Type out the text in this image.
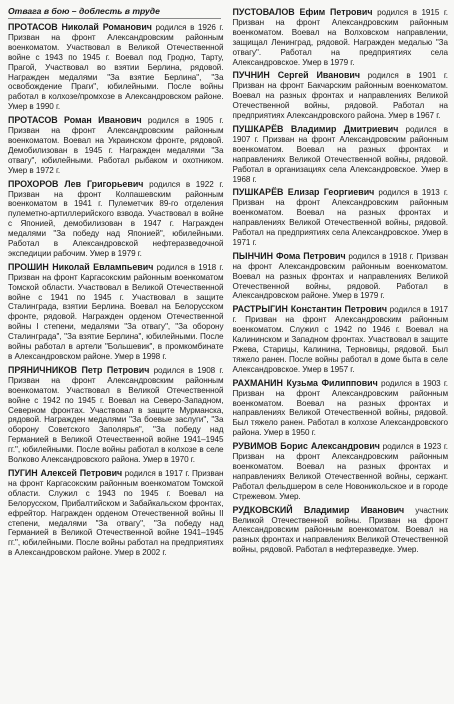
Отвага в бою – доблесть в труде

ПРОТАСОВ Николай Романович родился в 1926 г. Призван на фронт Александровским районным военкоматом. Участвовал в Великой Отечественной войне с 1943 по 1945 г. Воевал под Гродно, Тарту, Прагой, Участвовал во взятии Берлина, рядовой. Награжден медалями "За взятие Берлина", "За освобождение Праги", юбилейными. После войны работал в колхозе/промхозе в Александровском районе. Умер в 1990 г.

ПРОТАСОВ Роман Иванович родился в 1905 г. Призван на фронт Александровским районным военкоматом. Воевал на Украинском фронте, рядовой. Демобилизован в 1945 г. Награжден медалями "За отвагу", юбилейными. Работал рыбаком и охотником. Умер в 1972 г.

ПРОХОРОВ Лев Григорьевич родился в 1922 г. Призван на фронт Колпашевским районным военкоматом в 1941 г. Пулеметчик 89-го отделения пулеметно-артиллерийского взвода. Участвовал в войне с Японией, демобилизован в 1947 г. Награжден медалями "За победу над Японией", юбилейными. Работал в Александровской нефтеразведочной экспедиции рабочим. Умер в 1979 г.

ПРОШИН Николай Евлампьевич родился в 1918 г. Призван на фронт Каргасокским районным военкоматом Томской области. Участвовал в Великой Отечественной войне с 1941 по 1945 г. Участвовал в защите Сталинграда, взятии Берлина. Воевал на Белорусском фронте, рядовой. Награжден орденом Отечественной войны I степени, медалями "За отвагу", "За оборону Сталинграда", "За взятие Берлина", юбилейными. После войны работал в артели "Большевик", в промкомбинате в Александровском районе. Умер в 1998 г.

ПРЯНИЧНИКОВ Петр Петрович родился в 1908 г. Призван на фронт Александровским районным военкоматом. Участвовал в Великой Отечественной войне с 1942 по 1945 г. Воевал на Северо-Западном, Северном фронтах. Участвовал в защите Мурманска, рядовой. Награжден медалями "За боевые заслуги", "За оборону Советского Заполярья", "За победу над Германией в Великой Отечественной войне 1941–1945 гг.", юбилейными. После войны работал в колхозе в селе Волково Александровского района. Умер в 1970 г.

ПУГИН Алексей Петрович родился в 1917 г. Призван на фронт Каргасокским районным военкоматом Томской области. Служил с 1943 по 1945 г. Воевал на Белорусском, Прибалтийском и Забайкальском фронтах, ефрейтор. Награжден орденом Отечественной войны II степени, медалями "За отвагу", "За победу над Германией в Великой Отечественной войне 1941–1945 гг.", юбилейными. После войны работал на предприятиях в Александровском районе. Умер в 2002 г.

ПУСТОВАЛОВ Ефим Петрович родился в 1915 г. Призван на фронт Александровским районным военкоматом. Воевал на Волховском направлении, защищал Ленинград, рядовой. Награжден медалью "За отвагу". Работал на предприятиях села Александровское. Умер в 1979 г.

ПУЧНИН Сергей Иванович родился в 1901 г. Призван на фронт Бакчарским районным военкоматом. Воевал на разных фронтах и направлениях Великой Отечественной войны, рядовой. Работал на предприятиях Александровского района. Умер в 1967 г.

ПУШКАРЁВ Владимир Дмитриевич родился в 1907 г. Призван на фронт Александровским районным военкоматом. Воевал на разных фронтах и направлениях Великой Отечественной войны, рядовой. Работал в организациях села Александровское. Умер в 1968 г.

ПУШКАРЁВ Елизар Георгиевич родился в 1913 г. Призван на фронт Александровским районным военкоматом. Воевал на разных фронтах и направлениях Великой Отечественной войны, рядовой. Работал на предприятиях села Александровское. Умер в 1971 г.

ПЫНЧИН Фома Петрович родился в 1918 г. Призван на фронт Александровским районным военкоматом. Воевал на разных фронтах и направлениях Великой Отечественной войны, рядовой. Работал в Александровском районе. Умер в 1979 г.

РАСТРЫГИН Константин Петрович родился в 1917 г. Призван на фронт Александровским районным военкоматом. Служил с 1942 по 1946 г. Воевал на Калининском и Западном фронтах. Участвовал в защите Ржева, Старицы, Калинина, Терновицы, рядовой. Был тяжело ранен. После войны работал в доме быта в селе Александровское. Умер в 1957 г.

РАХМАНИН Кузьма Филиппович родился в 1903 г. Призван на фронт Александровским районным военкоматом. Воевал на разных фронтах и направлениях Великой Отечественной войны, рядовой. Был тяжело ранен. Работал в колхозе Александровского района. Умер в 1950 г.

РУВИМОВ Борис Александрович родился в 1923 г. Призван на фронт Александровским районным военкоматом. Воевал на разных фронтах и направлениях Великой Отечественной войны, сержант. Работал фельдшером в селе Новоникольское и в городе Стрежевом. Умер.

РУДКОВСКИЙ Владимир Иванович участник Великой Отечественной войны. Призван на фронт Александровским районным военкоматом. Воевал на разных фронтах и направлениях Великой Отечественной войны, рядовой. Работал в нефтеразведке. Умер.
